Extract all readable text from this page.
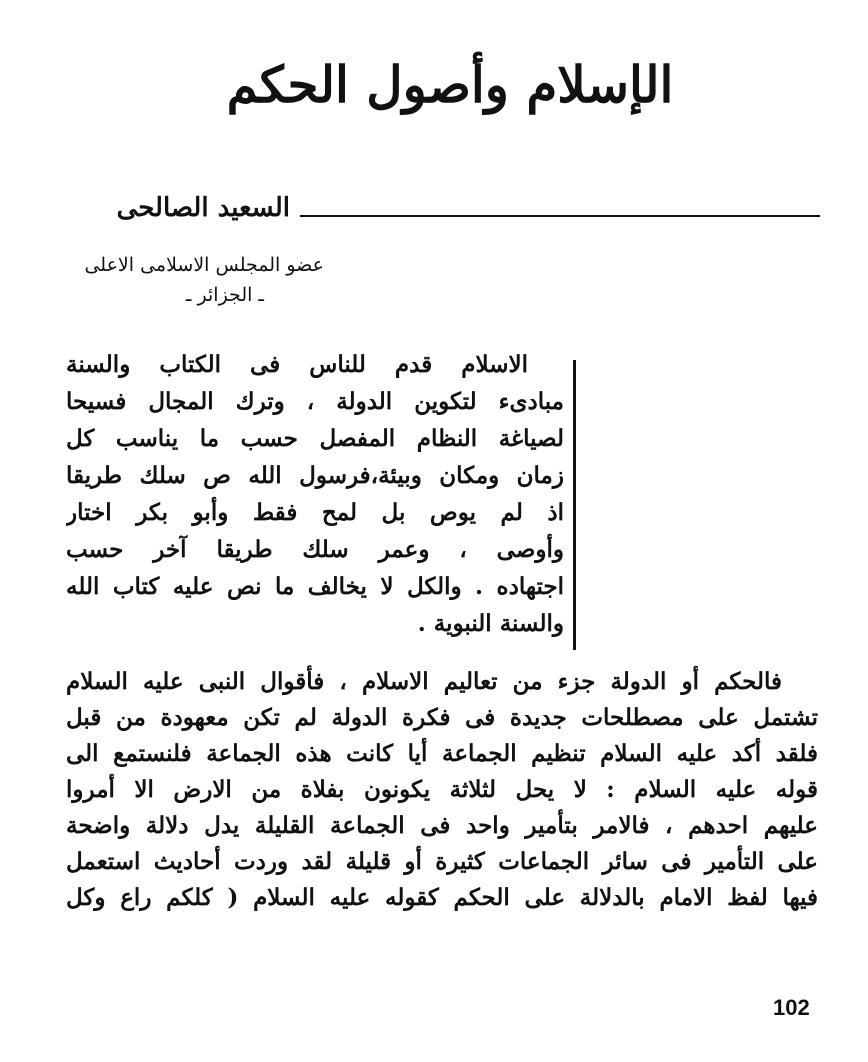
الإسلام وأصول الحكم
السعيد الصالحى
عضو المجلس الاسلامى الاعلى
ـ الجزائر ـ
الاسلام قدم للناس فى الكتاب والسنة
مبادىء لتكوين الدولة ، وترك المجال فسيحا
لصياغة النظام المفصل حسب ما يناسب كل
زمان ومكان وبيئة،فرسول الله ص سلك طريقا
اذ لم يوص بل لمح فقط وأبو بكر اختار
وأوصى ، وعمر سلك طريقا آخر حسب
اجتهاده . والكل لا يخالف ما نص عليه كتاب الله
والسنة النبوية .
فالحكم أو الدولة جزء من تعاليم الاسلام ، فأقوال النبى عليه السلام
تشتمل على مصطلحات جديدة فى فكرة الدولة لم تكن معهودة من قبل
فلقد أكد عليه السلام تنظيم الجماعة أيا كانت هذه الجماعة فلنستمع الى
قوله عليه السلام : لا يحل لثلاثة يكونون بفلاة من الارض الا أمروا
عليهم احدهم ، فالامر بتأمير واحد فى الجماعة القليلة يدل دلالة واضحة
على التأمير فى سائر الجماعات كثيرة أو قليلة لقد وردت أحاديث استعمل
فيها لفظ الامام بالدلالة على الحكم كقوله عليه السلام ( كلكم راع وكل
102
